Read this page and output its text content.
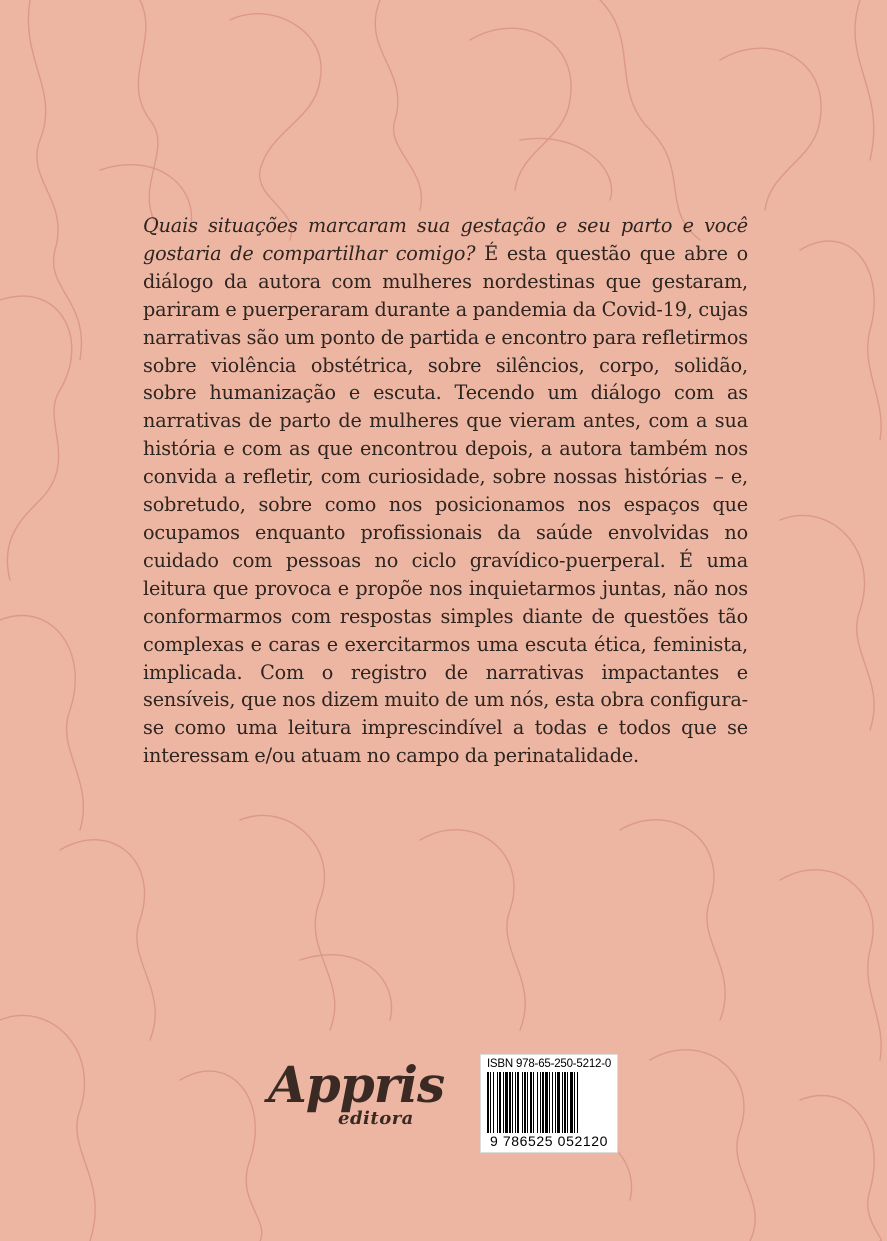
Quais situações marcaram sua gestação e seu parto e você gostaria de compartilhar comigo? É esta questão que abre o diálogo da autora com mulheres nordestinas que gestaram, pariram e puerperaram durante a pandemia da Covid-19, cujas narrativas são um ponto de partida e encontro para refletirmos sobre violência obstétrica, sobre silêncios, corpo, solidão, sobre humanização e escuta. Tecendo um diálogo com as narrativas de parto de mulheres que vieram antes, com a sua história e com as que encontrou depois, a autora também nos convida a refletir, com curiosidade, sobre nossas histórias – e, sobretudo, sobre como nos posicionamos nos espaços que ocupamos enquanto profissionais da saúde envolvidas no cuidado com pessoas no ciclo gravídico-puerperal. É uma leitura que provoca e propõe nos inquietarmos juntas, não nos conformarmos com respostas simples diante de questões tão complexas e caras e exercitarmos uma escuta ética, feminista, implicada. Com o registro de narrativas impactantes e sensíveis, que nos dizem muito de um nós, esta obra configura-se como uma leitura imprescindível a todas e todos que se interessam e/ou atuam no campo da perinatalidade.

Appris
editora
ISBN 978-65-250-5212-0
9 786525 052120
